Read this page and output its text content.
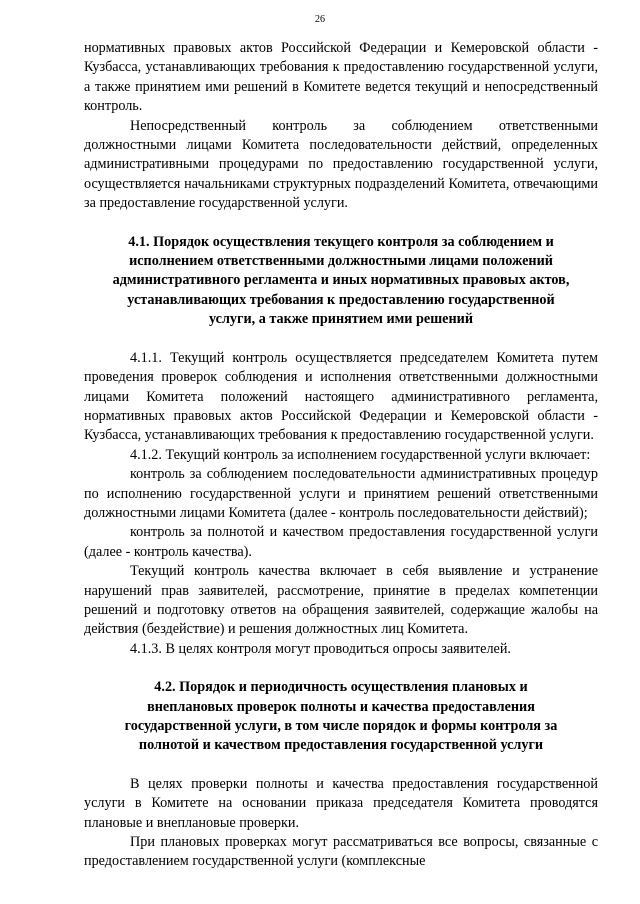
26

нормативных правовых актов Российской Федерации и Кемеровской области - Кузбасса, устанавливающих требования к предоставлению государственной услуги, а также принятием ими решений в Комитете ведется текущий и непосредственный контроль.

Непосредственный контроль за соблюдением ответственными должностными лицами Комитета последовательности действий, определенных административными процедурами по предоставлению государственной услуги, осуществляется начальниками структурных подразделений Комитета, отвечающими за предоставление государственной услуги.

4.1. Порядок осуществления текущего контроля за соблюдением и
исполнением ответственными должностными лицами положений
административного регламента и иных нормативных правовых актов,
устанавливающих требования к предоставлению государственной
услуги, а также принятием ими решений

4.1.1. Текущий контроль осуществляется председателем Комитета путем проведения проверок соблюдения и исполнения ответственными должностными лицами Комитета положений настоящего административного регламента, нормативных правовых актов Российской Федерации и Кемеровской области - Кузбасса, устанавливающих требования к предоставлению государственной услуги.

4.1.2. Текущий контроль за исполнением государственной услуги включает:

контроль за соблюдением последовательности административных процедур по исполнению государственной услуги и принятием решений ответственными должностными лицами Комитета (далее - контроль последовательности действий);

контроль за полнотой и качеством предоставления государственной услуги (далее - контроль качества).

Текущий контроль качества включает в себя выявление и устранение нарушений прав заявителей, рассмотрение, принятие в пределах компетенции решений и подготовку ответов на обращения заявителей, содержащие жалобы на действия (бездействие) и решения должностных лиц Комитета.

4.1.3. В целях контроля могут проводиться опросы заявителей.

4.2. Порядок и периодичность осуществления плановых и
внеплановых проверок полноты и качества предоставления
государственной услуги, в том числе порядок и формы контроля за
полнотой и качеством предоставления государственной услуги

В целях проверки полноты и качества предоставления государственной услуги в Комитете на основании приказа председателя Комитета проводятся плановые и внеплановые проверки.

При плановых проверках могут рассматриваться все вопросы, связанные с предоставлением государственной услуги (комплексные
